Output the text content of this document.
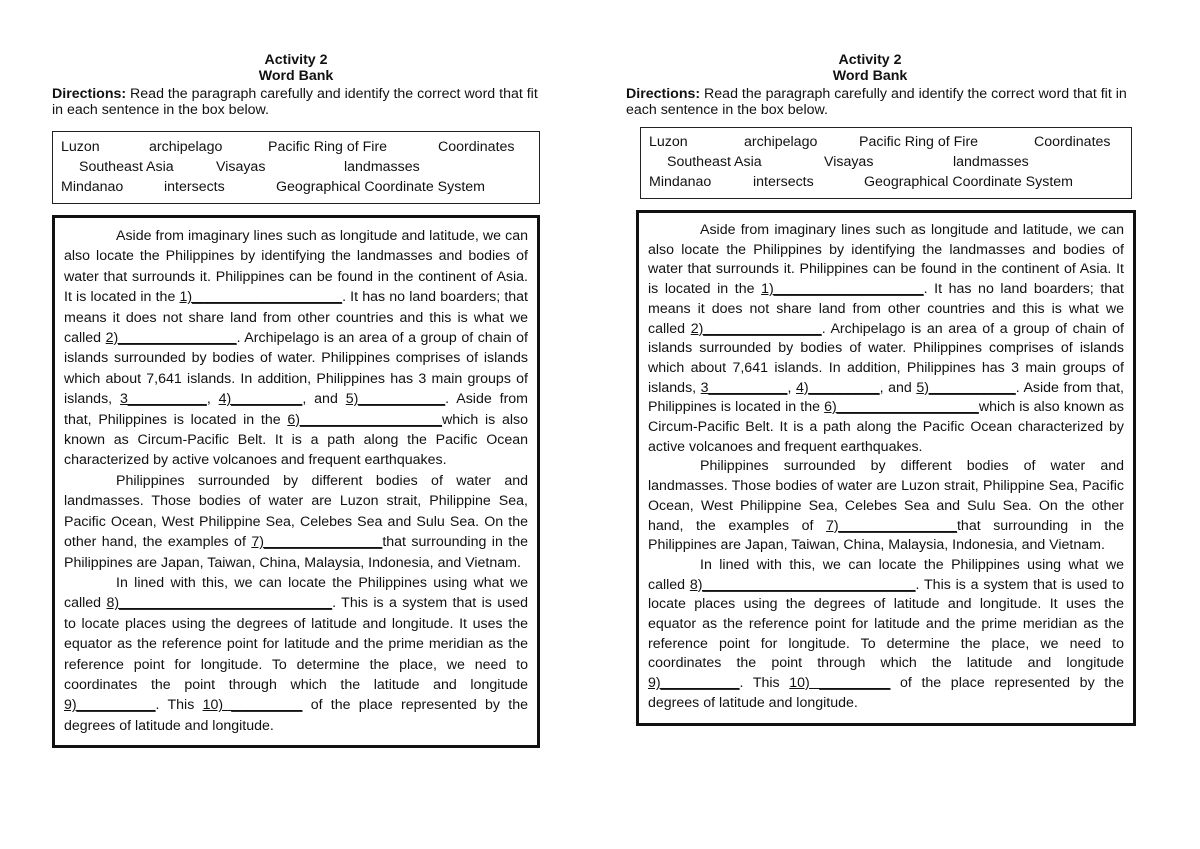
Activity 2
Word Bank
Directions: Read the paragraph carefully and identify the correct word that fit in each sentence in the box below.
Luzon	archipelago	Pacific Ring of Fire	Coordinates
Southeast Asia	Visayas	landmasses
Mindanao	intersects	Geographical Coordinate System

Aside from imaginary lines such as longitude and latitude, we can also locate the Philippines by identifying the landmasses and bodies of water that surrounds it. Philippines can be found in the continent of Asia. It is located in the 1)___________________. It has no land boarders; that means it does not share land from other countries and this is what we called 2)_______________. Archipelago is an area of a group of chain of islands surrounded by bodies of water. Philippines comprises of islands which about 7,641 islands. In addition, Philippines has 3 main groups of islands, 3__________, 4)_________, and 5)___________. Aside from that, Philippines is located in the 6)__________________which is also known as Circum-Pacific Belt. It is a path along the Pacific Ocean characterized by active volcanoes and frequent earthquakes.

Philippines surrounded by different bodies of water and landmasses. Those bodies of water are Luzon strait, Philippine Sea, Pacific Ocean, West Philippine Sea, Celebes Sea and Sulu Sea. On the other hand, the examples of 7)_______________that surrounding in the Philippines are Japan, Taiwan, China, Malaysia, Indonesia, and Vietnam.

In lined with this, we can locate the Philippines using what we called 8)___________________________. This is a system that is used to locate places using the degrees of latitude and longitude. It uses the equator as the reference point for latitude and the prime meridian as the reference point for longitude. To determine the place, we need to coordinates the point through which the latitude and longitude 9)__________. This 10) _________ of the place represented by the degrees of latitude and longitude.

Activity 2
Word Bank
Directions: Read the paragraph carefully and identify the correct word that fit in each sentence in the box below.
Luzon	archipelago	Pacific Ring of Fire	Coordinates
Southeast Asia	Visayas	landmasses
Mindanao	intersects	Geographical Coordinate System

Aside from imaginary lines such as longitude and latitude, we can also locate the Philippines by identifying the landmasses and bodies of water that surrounds it. Philippines can be found in the continent of Asia. It is located in the 1)___________________. It has no land boarders; that means it does not share land from other countries and this is what we called 2)_______________. Archipelago is an area of a group of chain of islands surrounded by bodies of water. Philippines comprises of islands which about 7,641 islands. In addition, Philippines has 3 main groups of islands, 3__________, 4)_________, and 5)___________. Aside from that, Philippines is located in the 6)__________________which is also known as Circum-Pacific Belt. It is a path along the Pacific Ocean characterized by active volcanoes and frequent earthquakes.

Philippines surrounded by different bodies of water and landmasses. Those bodies of water are Luzon strait, Philippine Sea, Pacific Ocean, West Philippine Sea, Celebes Sea and Sulu Sea. On the other hand, the examples of 7)_______________that surrounding in the Philippines are Japan, Taiwan, China, Malaysia, Indonesia, and Vietnam.

In lined with this, we can locate the Philippines using what we called 8)___________________________. This is a system that is used to locate places using the degrees of latitude and longitude. It uses the equator as the reference point for latitude and the prime meridian as the reference point for longitude. To determine the place, we need to coordinates the point through which the latitude and longitude 9)__________. This 10) _________ of the place represented by the degrees of latitude and longitude.
